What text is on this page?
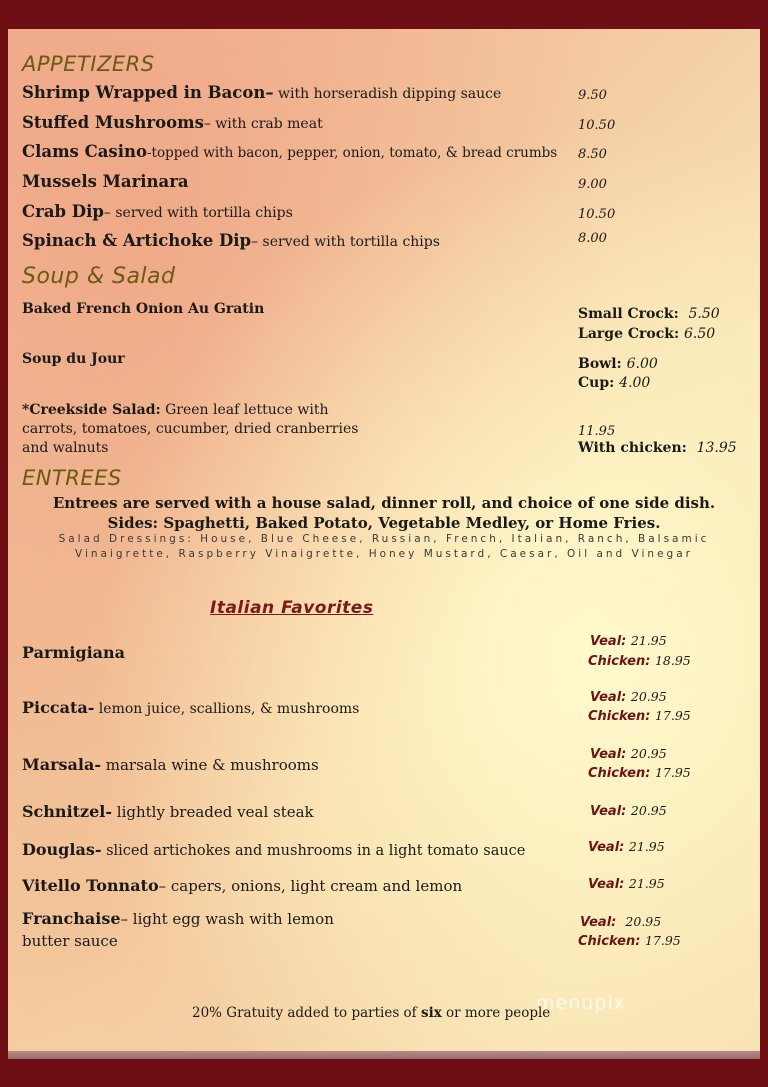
APPETIZERS
Shrimp Wrapped in Bacon– with horseradish dipping sauce	9.50
Stuffed Mushrooms– with crab meat	10.50
Clams Casino-topped with bacon, pepper, onion, tomato, & bread crumbs 8.50
Mussels Marinara	9.00
Crab Dip– served with tortilla chips	10.50
Spinach & Artichoke Dip– served with tortilla chips	8.00
Soup & Salad
Baked French Onion Au Gratin	Small Crock: 5.50
Large Crock: 6.50
Soup du Jour	Bowl: 6.00
Cup: 4.00
*Creekside Salad: Green leaf lettuce with
carrots, tomatoes, cucumber, dried cranberries
and walnuts
11.95
With chicken: 13.95
ENTREES
Entrees are served with a house salad, dinner roll, and choice of one side dish.
Sides: Spaghetti, Baked Potato, Vegetable Medley, or Home Fries.
Salad Dressings: House, Blue Cheese, Russian, French, Italian, Ranch, Balsamic
Vinaigrette, Raspberry Vinaigrette, Honey Mustard, Caesar, Oil and Vinegar
Italian Favorites
Parmigiana
Veal: 21.95
Chicken: 18.95
Piccata- lemon juice, scallions, & mushrooms
Veal: 20.95
Chicken: 17.95
Marsala- marsala wine & mushrooms
Veal: 20.95
Chicken: 17.95
Schnitzel- lightly breaded veal steak	Veal: 20.95
Douglas- sliced artichokes and mushrooms in a light tomato sauce	Veal: 21.95
Vitello Tonnato– capers, onions, light cream and lemon	Veal: 21.95
Franchaise– light egg wash with lemon
butter sauce
Veal: 20.95
Chicken: 17.95
menupix
20% Gratuity added to parties of six or more people
